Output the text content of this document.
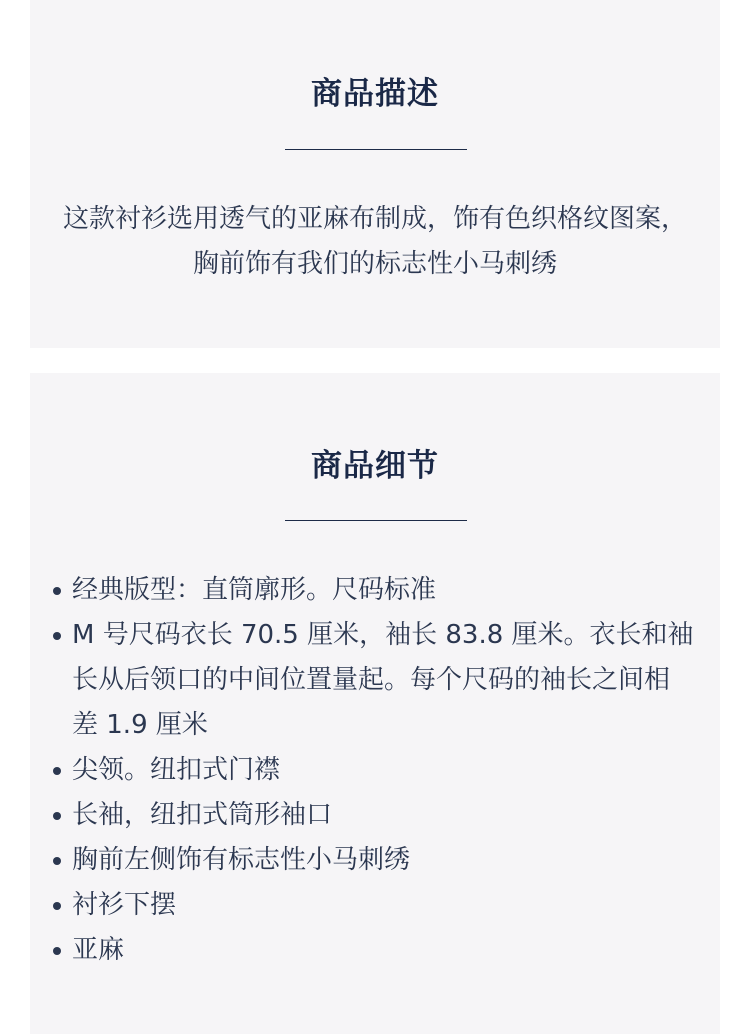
商品描述

这款衬衫选用透气的亚麻布制成，饰有色织格纹图案，胸前饰有我们的标志性小马刺绣

商品细节
经典版型：直筒廓形。尺码标准
M 号尺码衣长 70.5 厘米，袖长 83.8 厘米。衣长和袖长从后领口的中间位置量起。每个尺码的袖长之间相差 1.9 厘米
尖领。纽扣式门襟
长袖，纽扣式筒形袖口
胸前左侧饰有标志性小马刺绣
衬衫下摆
亚麻
